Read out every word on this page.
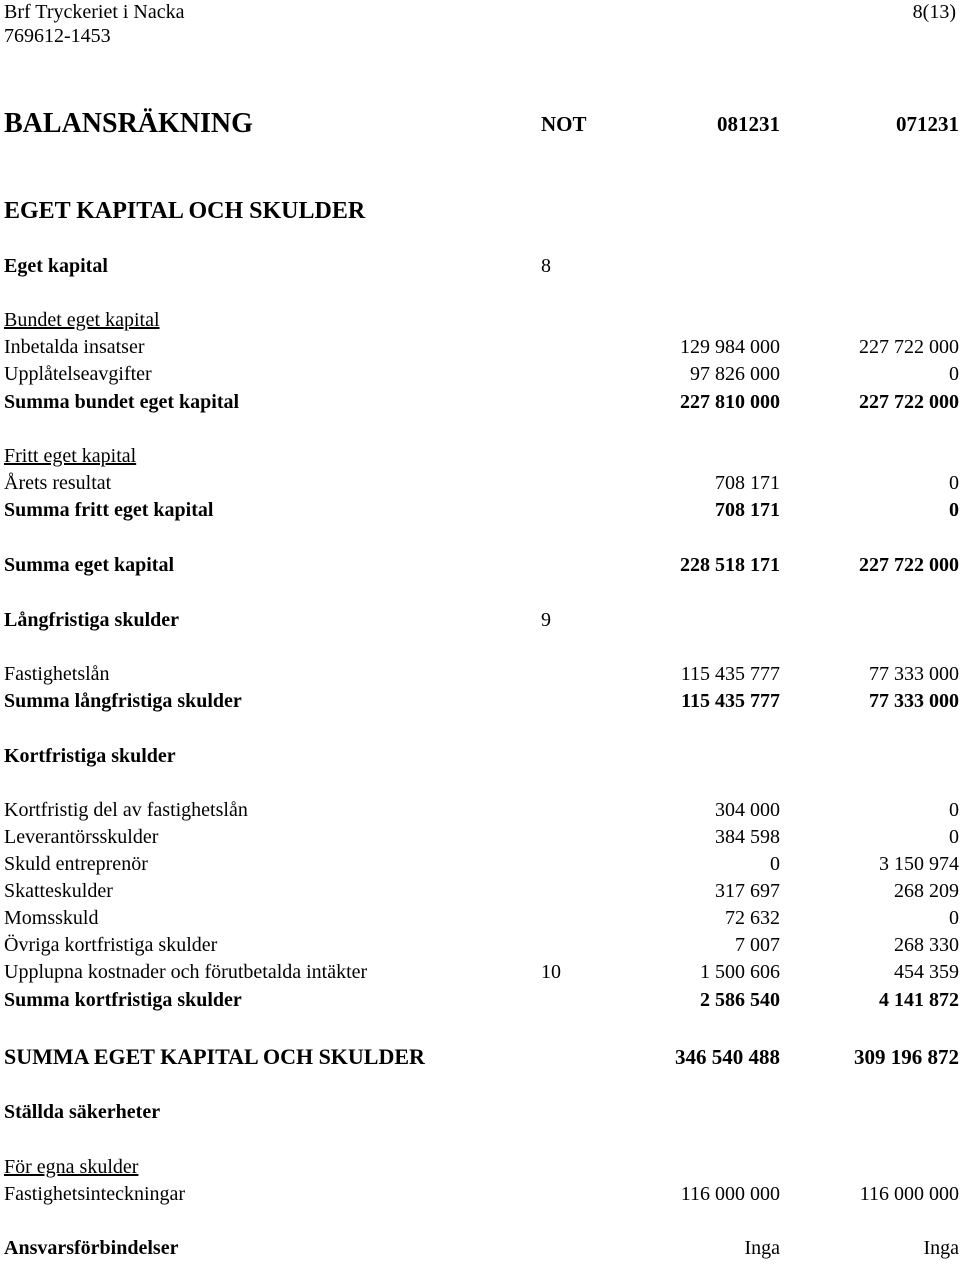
Brf Tryckeriet i Nacka
769612-1453
8(13)
BALANSRÄKNING	NOT	081231	071231
EGET KAPITAL OCH SKULDER
Eget kapital	8
Bundet eget kapital
Inbetalda insatser	129 984 000	227 722 000
Upplåtelseavgifter	97 826 000	0
Summa bundet eget kapital	227 810 000	227 722 000
Fritt eget kapital
Årets resultat	708 171	0
Summa fritt eget kapital	708 171	0
Summa eget kapital	228 518 171	227 722 000
Långfristiga skulder	9
Fastighetslån	115 435 777	77 333 000
Summa långfristiga skulder	115 435 777	77 333 000
Kortfristiga skulder
Kortfristig del av fastighetslån	304 000	0
Leverantörsskulder	384 598	0
Skuld entreprenör	0	3 150 974
Skatteskulder	317 697	268 209
Momsskuld	72 632	0
Övriga kortfristiga skulder	7 007	268 330
Upplupna kostnader och förutbetalda intäkter	10	1 500 606	454 359
Summa kortfristiga skulder	2 586 540	4 141 872
SUMMA EGET KAPITAL OCH SKULDER	346 540 488	309 196 872
Ställda säkerheter
För egna skulder
Fastighetsinteckningar	116 000 000	116 000 000
Ansvarsförbindelser	Inga	Inga
